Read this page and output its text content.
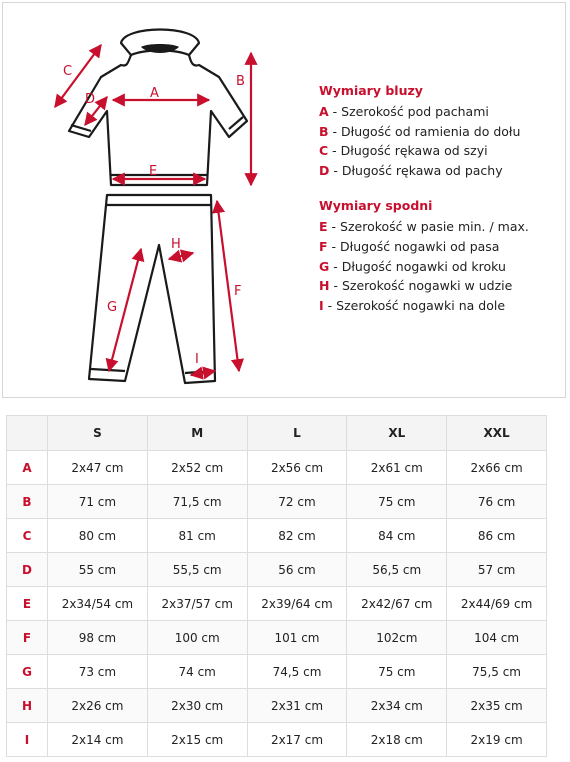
A
B
C
D
E
F
G
H
I
Wymiary bluzy
A - Szerokość pod pachami
B - Długość od ramienia do dołu
C - Długość rękawa od szyi
D - Długość rękawa od pachy
Wymiary spodni
E - Szerokość w pasie min. / max.
F - Długość nogawki od pasa
G - Długość nogawki od kroku
H - Szerokość nogawki w udzie
I - Szerokość nogawki na dole
	S	M	L	XL	XXL
A	2x47 cm	2x52 cm	2x56 cm	2x61 cm	2x66 cm
B	71 cm	71,5 cm	72 cm	75 cm	76 cm
C	80 cm	81 cm	82 cm	84 cm	86 cm
D	55 cm	55,5 cm	56 cm	56,5 cm	57 cm
E	2x34/54 cm	2x37/57 cm	2x39/64 cm	2x42/67 cm	2x44/69 cm
F	98 cm	100 cm	101 cm	102cm	104 cm
G	73 cm	74 cm	74,5 cm	75 cm	75,5 cm
H	2x26 cm	2x30 cm	2x31 cm	2x34 cm	2x35 cm
I	2x14 cm	2x15 cm	2x17 cm	2x18 cm	2x19 cm
